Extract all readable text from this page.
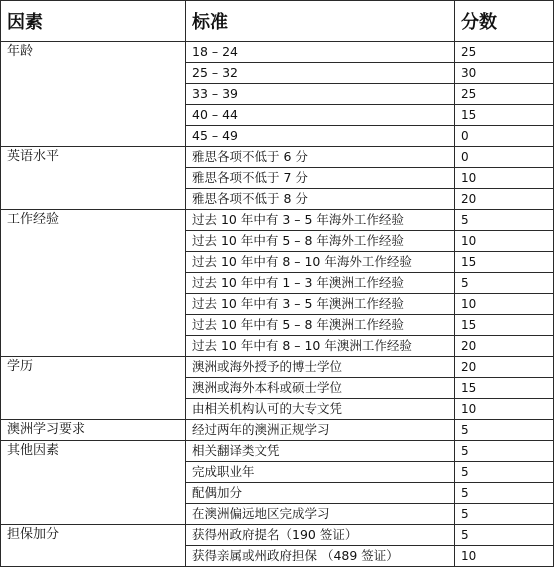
因素	标准	分数
年龄	18 – 24	25
	25 – 32	30
	33 – 39	25
	40 – 44	15
	45 – 49	0
英语水平	雅思各项不低于 6 分	0
	雅思各项不低于 7 分	10
	雅思各项不低于 8 分	20
工作经验	过去 10 年中有 3 – 5 年海外工作经验	5
	过去 10 年中有 5 – 8 年海外工作经验	10
	过去 10 年中有 8 – 10 年海外工作经验	15
	过去 10 年中有 1 – 3 年澳洲工作经验	5
	过去 10 年中有 3 – 5 年澳洲工作经验	10
	过去 10 年中有 5 – 8 年澳洲工作经验	15
	过去 10 年中有 8 – 10 年澳洲工作经验	20
学历	澳洲或海外授予的博士学位	20
	澳洲或海外本科或硕士学位	15
	由相关机构认可的大专文凭	10
澳洲学习要求	经过两年的澳洲正规学习	5
其他因素	相关翻译类文凭	5
	完成职业年	5
	配偶加分	5
	在澳洲偏远地区完成学习	5
担保加分	获得州政府提名（190 签证）	5
	获得亲属或州政府担保 （489 签证）	10
